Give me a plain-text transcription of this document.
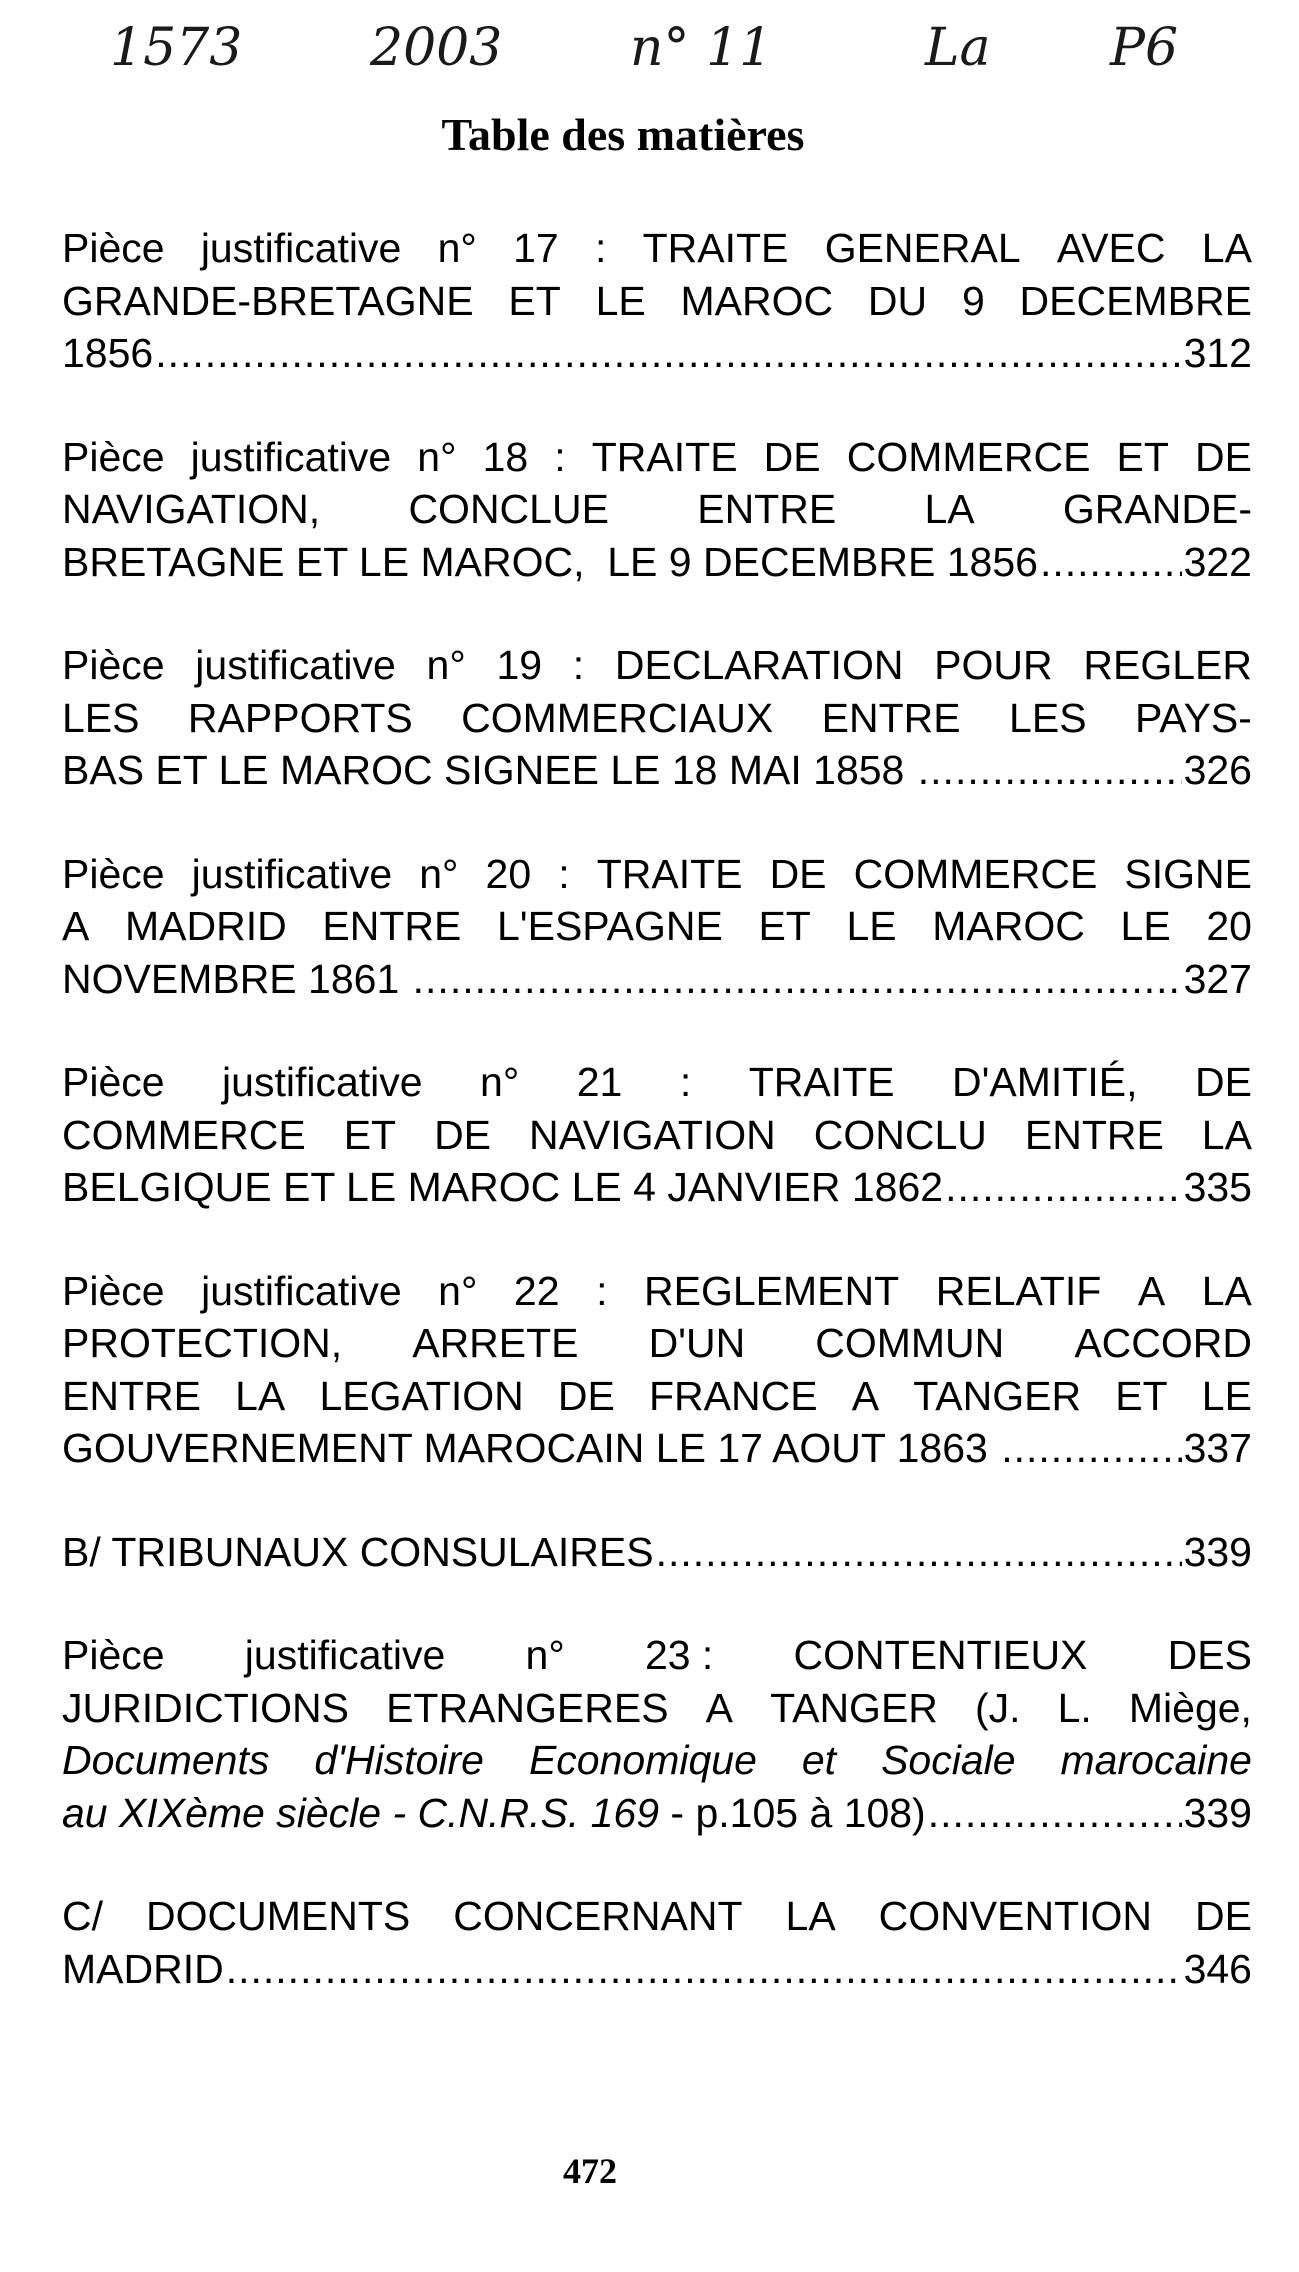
1573 2003 n° 11	La P6
Table des matières
Pièce justificative n° 17 : TRAITE GENERAL AVEC LA
GRANDE-BRETAGNE ET LE MAROC DU 9 DECEMBRE
1856 .....	312
Pièce justificative n° 18 : TRAITE DE COMMERCE ET DE
NAVIGATION, CONCLUE ENTRE LA GRANDE-
BRETAGNE ET LE MAROC,  LE 9 DECEMBRE 1856 .....	322
Pièce justificative n° 19 : DECLARATION POUR REGLER
LES RAPPORTS COMMERCIAUX ENTRE LES PAYS-
BAS ET LE MAROC SIGNEE LE 18 MAI 1858 .....	326
Pièce justificative n° 20 : TRAITE DE COMMERCE SIGNE
A MADRID ENTRE L'ESPAGNE ET LE MAROC LE 20
NOVEMBRE 1861 .....	327
Pièce justificative n° 21 : TRAITE D'AMITIÉ, DE
COMMERCE ET DE NAVIGATION CONCLU ENTRE LA
BELGIQUE ET LE MAROC LE 4 JANVIER 1862 .....	335
Pièce justificative n° 22 : REGLEMENT RELATIF A LA
PROTECTION, ARRETE D'UN COMMUN ACCORD
ENTRE LA LEGATION DE FRANCE A TANGER ET LE
GOUVERNEMENT MAROCAIN LE 17 AOUT 1863 .....	337
B/ TRIBUNAUX CONSULAIRES .....	339
Pièce justificative n° 23 : CONTENTIEUX DES
JURIDICTIONS ETRANGERES A TANGER (J. L. Miège,
Documents d'Histoire Economique et Sociale marocaine
au XIXème siècle - C.N.R.S. 169 - p.105 à 108) .....	339
C/ DOCUMENTS CONCERNANT LA CONVENTION DE
MADRID .....	346
472
